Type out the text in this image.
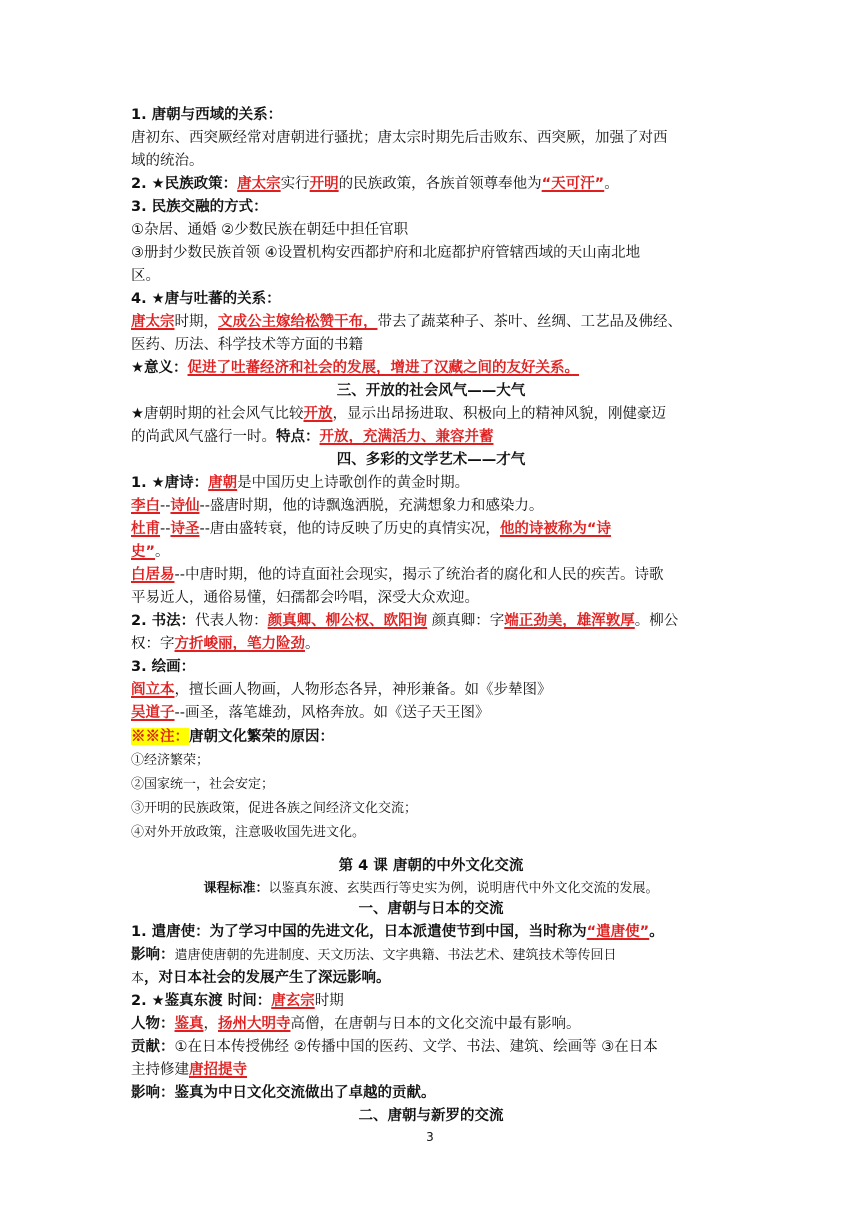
1. 唐朝与西域的关系：
唐初东、西突厥经常对唐朝进行骚扰；唐太宗时期先后击败东、西突厥，加强了对西
域的统治。
2. ★民族政策：唐太宗实行开明的民族政策，各族首领尊奉他为“天可汗”。
3. 民族交融的方式：
①杂居、通婚 ②少数民族在朝廷中担任官职
③册封少数民族首领 ④设置机构安西都护府和北庭都护府管辖西域的天山南北地
区。
4. ★唐与吐蕃的关系：
唐太宗时期，文成公主嫁给松赞干布，带去了蔬菜种子、茶叶、丝绸、工艺品及佛经、
医药、历法、科学技术等方面的书籍
★意义：促进了吐蕃经济和社会的发展，增进了汉藏之间的友好关系。
三、开放的社会风气——大气
★唐朝时期的社会风气比较开放，显示出昂扬进取、积极向上的精神风貌，刚健豪迈
的尚武风气盛行一时。特点：开放，充满活力、兼容并蓄
四、多彩的文学艺术——才气
1. ★唐诗：唐朝是中国历史上诗歌创作的黄金时期。
李白--诗仙--盛唐时期，他的诗飘逸洒脱，充满想象力和感染力。
杜甫--诗圣--唐由盛转衰，他的诗反映了历史的真情实况，他的诗被称为“诗
史”。
白居易--中唐时期，他的诗直面社会现实，揭示了统治者的腐化和人民的疾苦。诗歌
平易近人，通俗易懂，妇孺都会吟唱，深受大众欢迎。
2. 书法：代表人物：颜真卿、柳公权、欧阳询 颜真卿：字端正劲美，雄浑敦厚。柳公
权：字方折峻丽，笔力险劲。
3. 绘画：
阎立本，擅长画人物画，人物形态各异，神形兼备。如《步辇图》
吴道子--画圣，落笔雄劲，风格奔放。如《送子天王图》
※※注：唐朝文化繁荣的原因：
①经济繁荣；
②国家统一，社会安定；
③开明的民族政策，促进各族之间经济文化交流；
④对外开放政策，注意吸收国先进文化。
第 4 课 唐朝的中外文化交流
课程标准：以鉴真东渡、玄奘西行等史实为例，说明唐代中外文化交流的发展。
一、唐朝与日本的交流
1. 遣唐使：为了学习中国的先进文化，日本派遣使节到中国，当时称为“遣唐使”。
影响：遣唐使唐朝的先进制度、天文历法、文字典籍、书法艺术、建筑技术等传回日
本，对日本社会的发展产生了深远影响。
2. ★鉴真东渡 时间：唐玄宗时期
人物：鉴真，扬州大明寺高僧，在唐朝与日本的文化交流中最有影响。
贡献：①在日本传授佛经 ②传播中国的医药、文学、书法、建筑、绘画等 ③在日本
主持修建唐招提寺
影响：鉴真为中日文化交流做出了卓越的贡献。
二、唐朝与新罗的交流
3
